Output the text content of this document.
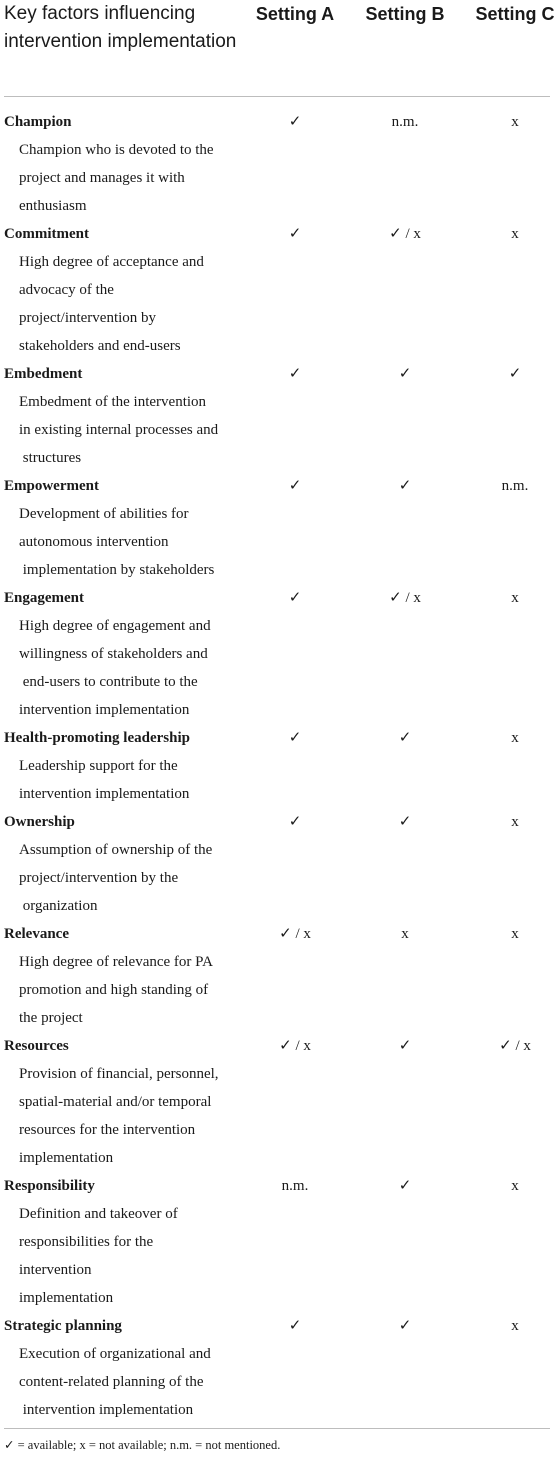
Key factors influencing intervention implementation
Setting A	Setting B	Setting C
Champion	✓	n.m.	x
Champion who is devoted to the
project and manages it with
enthusiasm
Commitment	✓	✓ / x	x
High degree of acceptance and
advocacy of the
project/intervention by
stakeholders and end-users
Embedment	✓	✓	✓
Embedment of the intervention
in existing internal processes and
structures
Empowerment	✓	✓	n.m.
Development of abilities for
autonomous intervention
implementation by stakeholders
Engagement	✓	✓ / x	x
High degree of engagement and
willingness of stakeholders and
end-users to contribute to the
intervention implementation
Health-promoting leadership	✓	✓	x
Leadership support for the
intervention implementation
Ownership	✓	✓	x
Assumption of ownership of the
project/intervention by the
organization
Relevance	✓ / x	x	x
High degree of relevance for PA
promotion and high standing of
the project
Resources	✓ / x	✓	✓ / x
Provision of financial, personnel,
spatial-material and/or temporal
resources for the intervention
implementation
Responsibility	n.m.	✓	x
Definition and takeover of
responsibilities for the
intervention
implementation
Strategic planning	✓	✓	x
Execution of organizational and
content-related planning of the
intervention implementation
✓ = available; x = not available; n.m. = not mentioned.
